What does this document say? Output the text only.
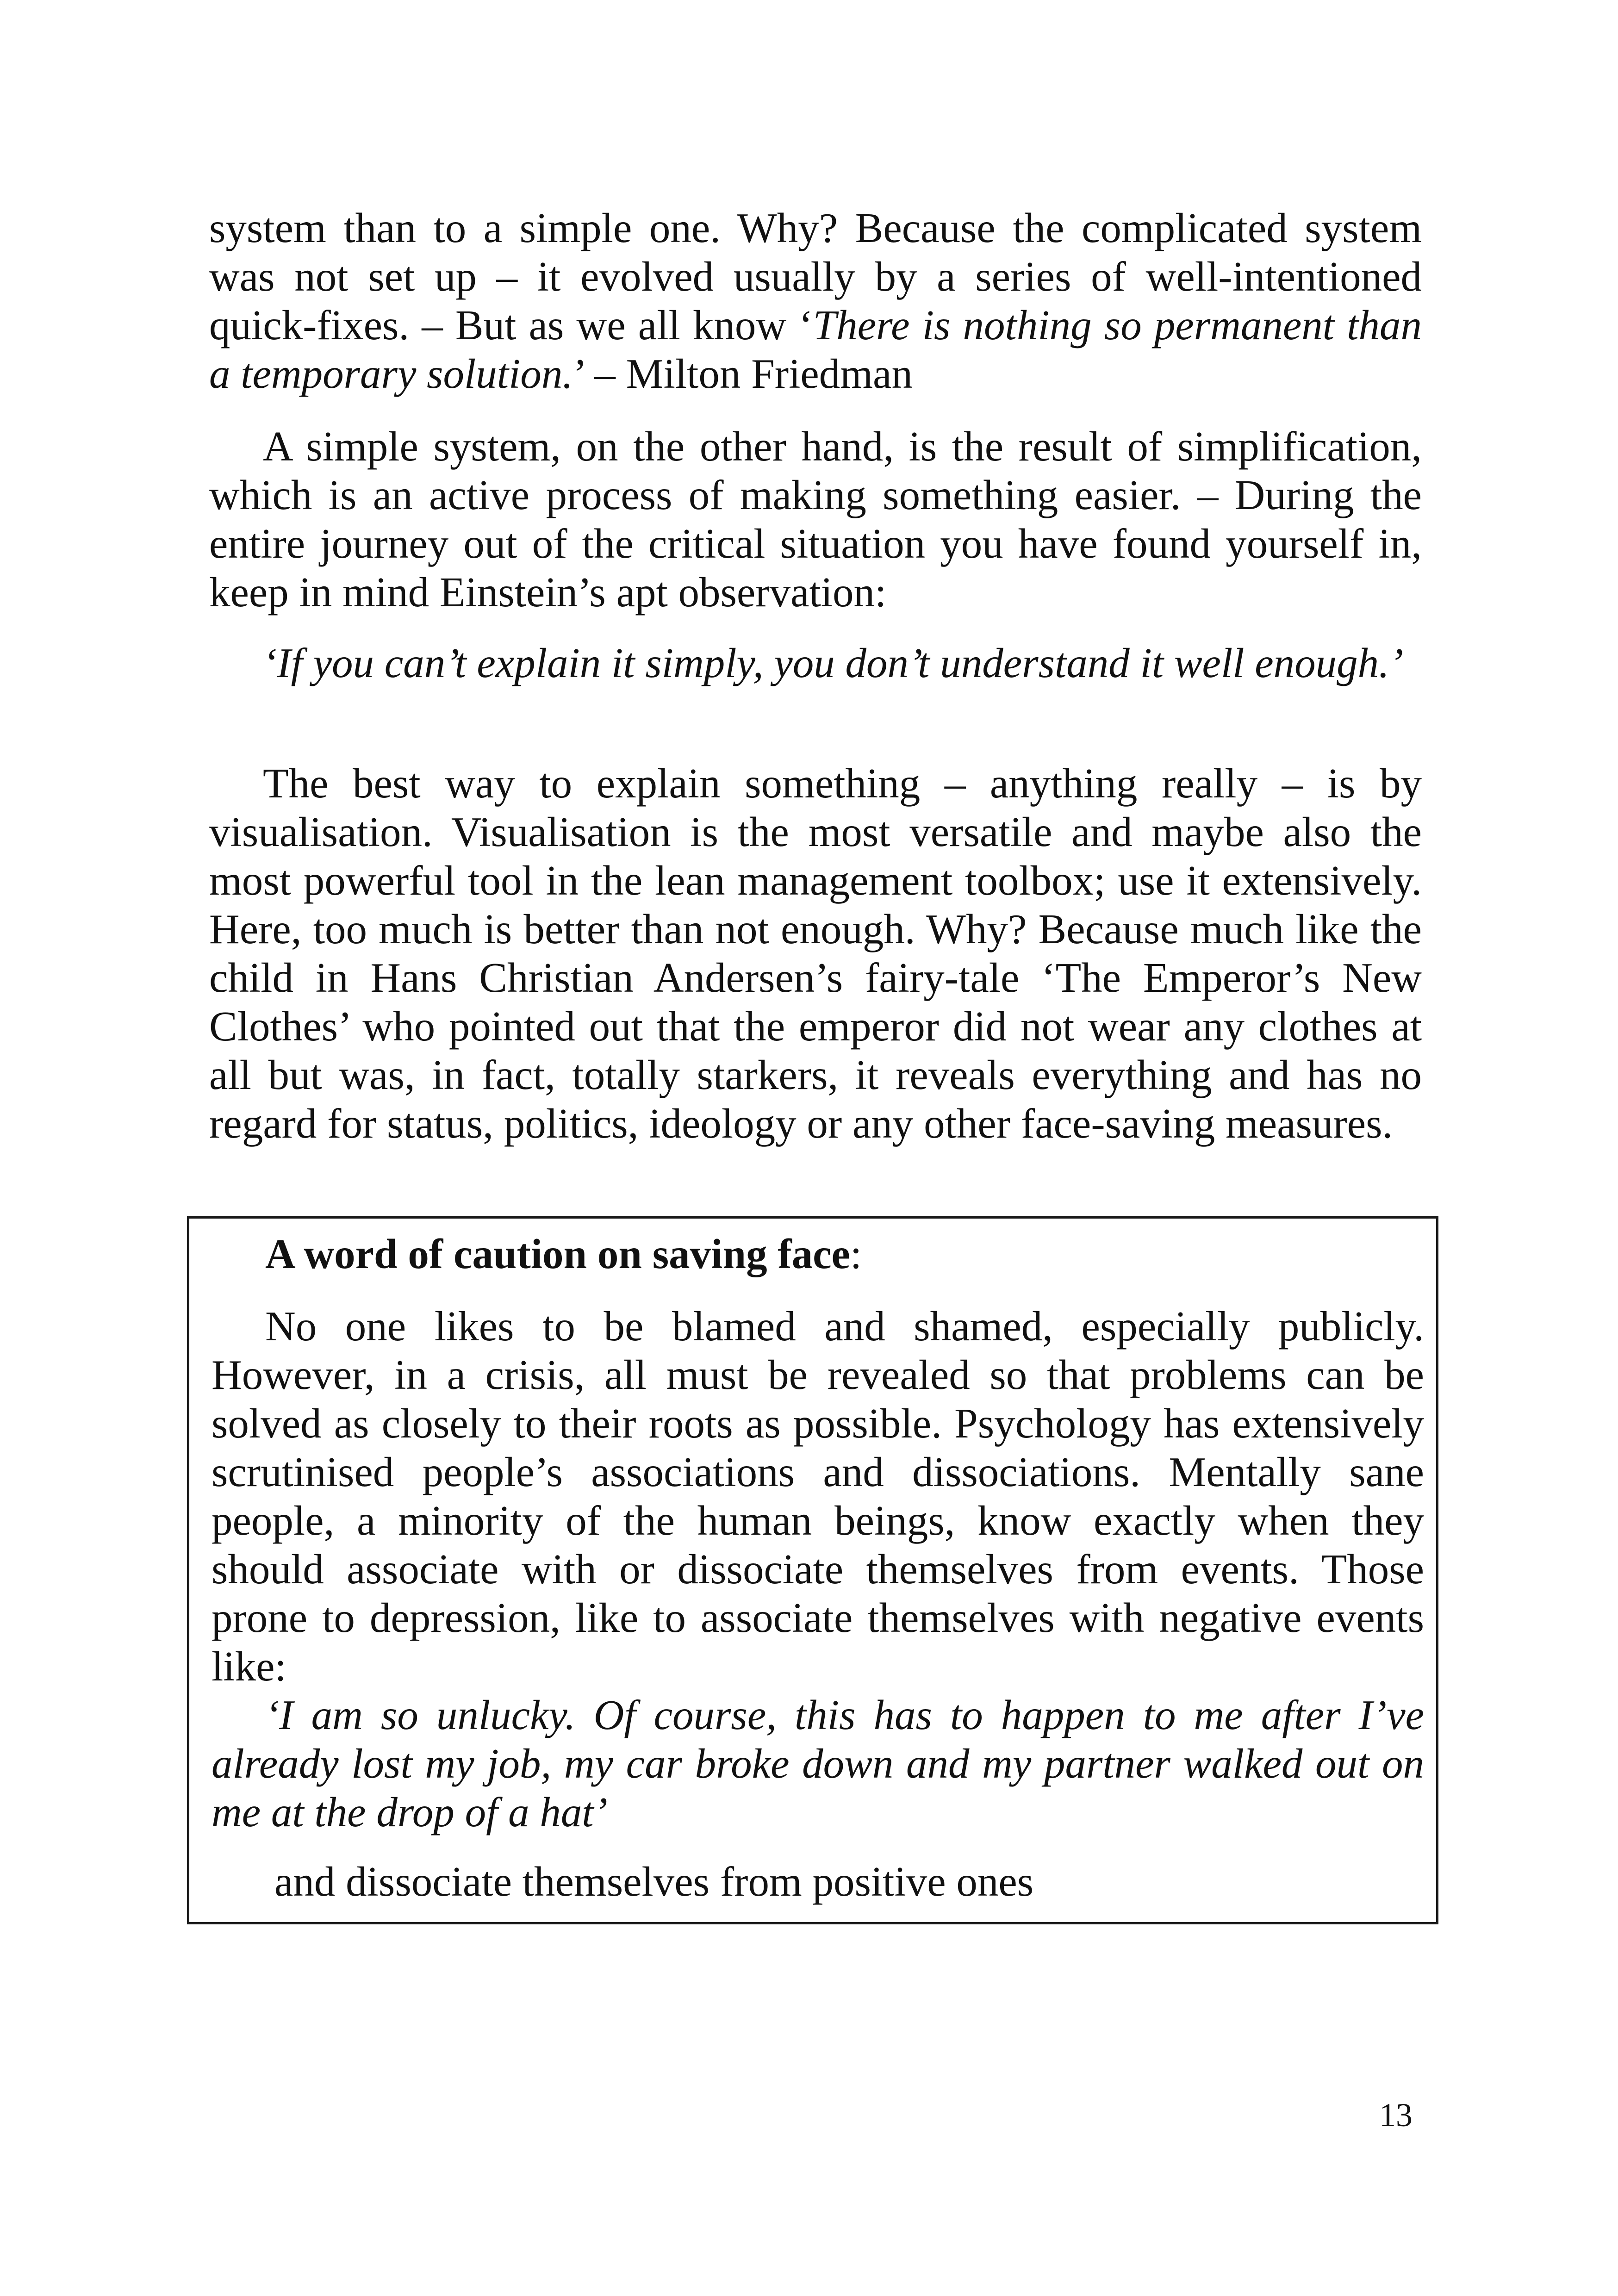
system than to a simple one. Why? Because the complicated system was not set up – it evolved usually by a series of well-intentioned quick-fixes. – But as we all know ‘There is nothing so permanent than a temporary solution.’ – Milton Friedman

A simple system, on the other hand, is the result of simplification, which is an active process of making something easier. – During the entire journey out of the critical situation you have found yourself in, keep in mind Einstein’s apt observation:

‘If you can’t explain it simply, you don’t understand it well enough.’

The best way to explain something – anything really – is by visualisation. Visualisation is the most versatile and maybe also the most powerful tool in the lean management toolbox; use it extensively. Here, too much is better than not enough. Why? Because much like the child in Hans Christian Andersen’s fairy-tale ‘The Emperor’s New Clothes’ who pointed out that the emperor did not wear any clothes at all but was, in fact, totally starkers, it reveals everything and has no regard for status, politics, ideology or any other face-saving measures.

A word of caution on saving face:

No one likes to be blamed and shamed, especially publicly. However, in a crisis, all must be revealed so that problems can be solved as closely to their roots as possible. Psychology has extensively scrutinised people’s associations and dissociations. Mentally sane people, a minority of the human beings, know exactly when they should associate with or dissociate themselves from events. Those prone to depression, like to associate themselves with negative events like:

‘I am so unlucky. Of course, this has to happen to me after I’ve already lost my job, my car broke down and my partner walked out on me at the drop of a hat’

and dissociate themselves from positive ones

13
